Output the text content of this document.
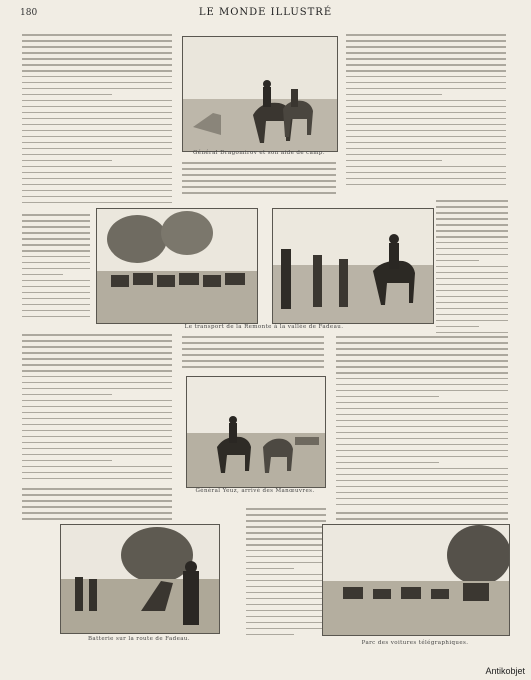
180	LE MONDE ILLUSTRÉ
Général Dragomirov et son aide de camp.
Le transport de la Remonte à la vallée de Fadeau.
Général Yeuz, arrivé des Manœuvres.
Batterie sur la route de Fadeau.
Parc des voitures télégraphiques.
Antikobjet
